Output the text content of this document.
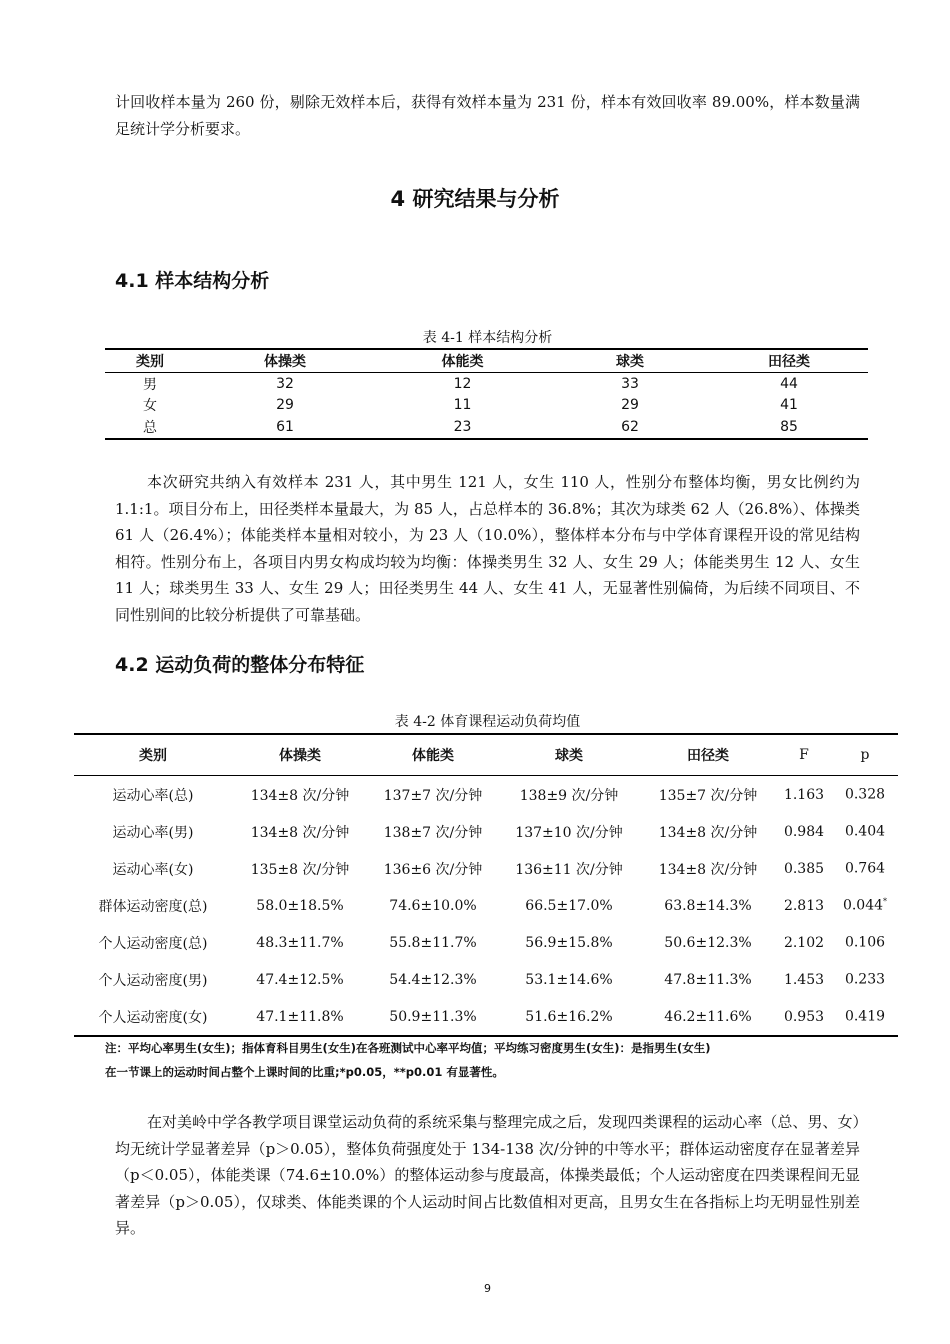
计回收样本量为 260 份，剔除无效样本后，获得有效样本量为 231 份，样本有效回收率 89.00%，样本数量满足统计学分析要求。

4 研究结果与分析
4.1 样本结构分析

表 4-1 样本结构分析

类别	体操类	体能类	球类	田径类
男	32	12	33	44
女	29	11	29	41
总	61	23	62	85

本次研究共纳入有效样本 231 人，其中男生 121 人，女生 110 人，性别分布整体均衡，男女比例约为 1.1:1。项目分布上，田径类样本量最大，为 85 人，占总样本的 36.8%；其次为球类 62 人（26.8%）、体操类 61 人（26.4%）；体能类样本量相对较小，为 23 人（10.0%），整体样本分布与中学体育课程开设的常见结构相符。性别分布上，各项目内男女构成均较为均衡：体操类男生 32 人、女生 29 人；体能类男生 12 人、女生 11 人；球类男生 33 人、女生 29 人；田径类男生 44 人、女生 41 人，无显著性别偏倚，为后续不同项目、不同性别间的比较分析提供了可靠基础。

4.2 运动负荷的整体分布特征

表 4-2 体育课程运动负荷均值

类别	体操类	体能类	球类	田径类	F	p
运动心率(总)	134±8 次/分钟	137±7 次/分钟	138±9 次/分钟	135±7 次/分钟	1.163	0.328
运动心率(男)	134±8 次/分钟	138±7 次/分钟	137±10 次/分钟	134±8 次/分钟	0.984	0.404
运动心率(女)	135±8 次/分钟	136±6 次/分钟	136±11 次/分钟	134±8 次/分钟	0.385	0.764
群体运动密度(总)	58.0±18.5%	74.6±10.0%	66.5±17.0%	63.8±14.3%	2.813	0.044*
个人运动密度(总)	48.3±11.7%	55.8±11.7%	56.9±15.8%	50.6±12.3%	2.102	0.106
个人运动密度(男)	47.4±12.5%	54.4±12.3%	53.1±14.6%	47.8±11.3%	1.453	0.233
个人运动密度(女)	47.1±11.8%	50.9±11.3%	51.6±16.2%	46.2±11.6%	0.953	0.419

注：平均心率男生(女生)；指体育科目男生(女生)在各班测试中心率平均值；平均练习密度男生(女生)：是指男生(女生)

在一节课上的运动时间占整个上课时间的比重;*p0.05，**p0.01 有显著性。

在对美岭中学各教学项目课堂运动负荷的系统采集与整理完成之后，发现四类课程的运动心率（总、男、女）均无统计学显著差异（p＞0.05），整体负荷强度处于 134-138 次/分钟的中等水平；群体运动密度存在显著差异（p＜0.05），体能类课（74.6±10.0%）的整体运动参与度最高，体操类最低；个人运动密度在四类课程间无显著差异（p＞0.05），仅球类、体能类课的个人运动时间占比数值相对更高，且男女生在各指标上均无明显性别差异。

9
